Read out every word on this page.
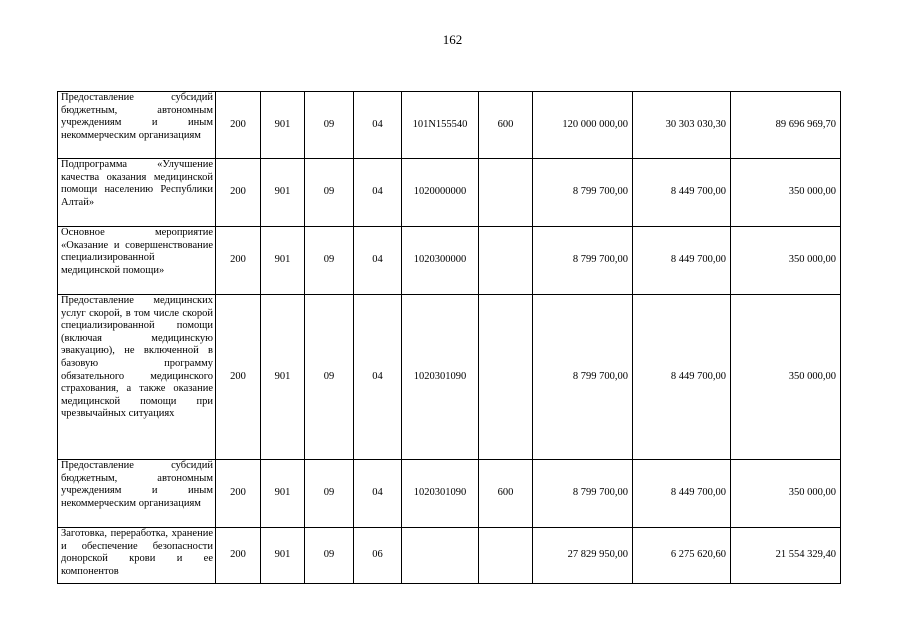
162
Предоставление субсидий бюджетным, автономным учреждениям и иным некоммерческим организациям	200	901	09	04	101N155540	600	120 000 000,00	30 303 030,30	89 696 969,70

Подпрограмма «Улучшение качества оказания медицинской помощи населению Республики Алтай»	200	901	09	04	1020000000		8 799 700,00	8 449 700,00	350 000,00

Основное мероприятие «Оказание и совершенствование специализированной медицинской помощи»	200	901	09	04	1020300000		8 799 700,00	8 449 700,00	350 000,00

Предоставление медицинских услуг скорой, в том числе скорой специализированной помощи (включая медицинскую эвакуацию), не включенной в базовую программу обязательного медицинского страхования, а также оказание медицинской помощи при чрезвычайных ситуациях	200	901	09	04	1020301090		8 799 700,00	8 449 700,00	350 000,00

Предоставление субсидий бюджетным, автономным учреждениям и иным некоммерческим организациям	200	901	09	04	1020301090	600	8 799 700,00	8 449 700,00	350 000,00

Заготовка, переработка, хранение и обеспечение безопасности донорской крови и ее компонентов	200	901	09	06			27 829 950,00	6 275 620,60	21 554 329,40
